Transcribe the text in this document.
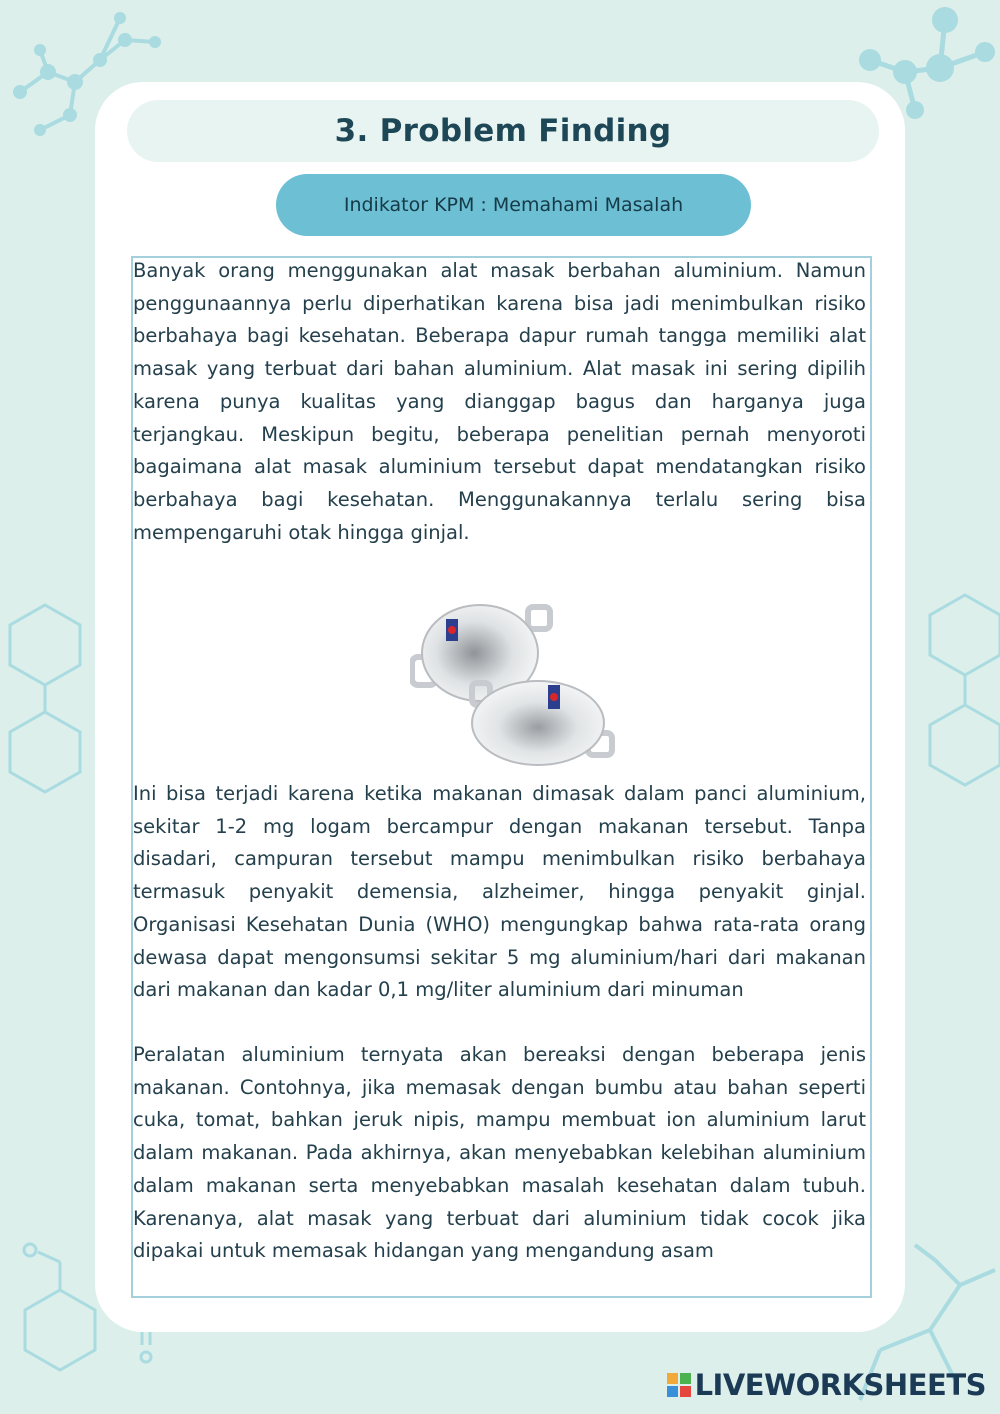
3. Problem Finding
Indikator KPM : Memahami Masalah

Banyak orang menggunakan alat masak berbahan aluminium. Namun penggunaannya perlu diperhatikan karena bisa jadi menimbulkan risiko berbahaya bagi kesehatan. Beberapa dapur rumah tangga memiliki alat masak yang terbuat dari bahan aluminium. Alat masak ini sering dipilih karena punya kualitas yang dianggap bagus dan harganya juga terjangkau. Meskipun begitu, beberapa penelitian pernah menyoroti bagaimana alat masak aluminium tersebut dapat mendatangkan risiko berbahaya bagi kesehatan. Menggunakannya terlalu sering bisa mempengaruhi otak hingga ginjal.

Ini bisa terjadi karena ketika makanan dimasak dalam panci aluminium, sekitar 1-2 mg logam bercampur dengan makanan tersebut. Tanpa disadari, campuran tersebut mampu menimbulkan risiko berbahaya termasuk penyakit demensia, alzheimer, hingga penyakit ginjal. Organisasi Kesehatan Dunia (WHO) mengungkap bahwa rata-rata orang dewasa dapat mengonsumsi sekitar 5 mg aluminium/hari dari makanan dari makanan dan kadar 0,1 mg/liter aluminium dari minuman

Peralatan aluminium ternyata akan bereaksi dengan beberapa jenis makanan. Contohnya, jika memasak dengan bumbu atau bahan seperti cuka, tomat, bahkan jeruk nipis, mampu membuat ion aluminium larut dalam makanan. Pada akhirnya, akan menyebabkan kelebihan aluminium dalam makanan serta menyebabkan masalah kesehatan dalam tubuh. Karenanya, alat masak yang terbuat dari aluminium tidak cocok jika dipakai untuk memasak hidangan yang mengandung asam

LIVEWORKSHEETS
